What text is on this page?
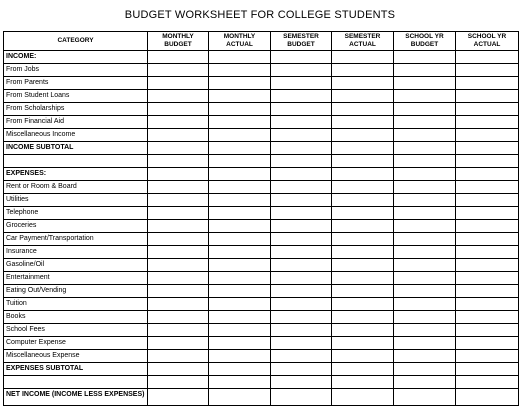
BUDGET WORKSHEET FOR COLLEGE STUDENTS
CATEGORY	MONTHLY BUDGET	MONTHLY ACTUAL	SEMESTER BUDGET	SEMESTER ACTUAL	SCHOOL YR BUDGET	SCHOOL YR ACTUAL
INCOME:						
From Jobs						
From Parents						
From Student Loans						
From Scholarships						
From Financial Aid						
Miscellaneous Income						
INCOME SUBTOTAL						

EXPENSES:						
Rent or Room & Board						
Utilities						
Telephone						
Groceries						
Car Payment/Transportation						
Insurance						
Gasoline/Oil						
Entertainment						
Eating Out/Vending						
Tuition						
Books						
School Fees						
Computer Expense						
Miscellaneous Expense						
EXPENSES SUBTOTAL						

NET INCOME (INCOME LESS EXPENSES)						
